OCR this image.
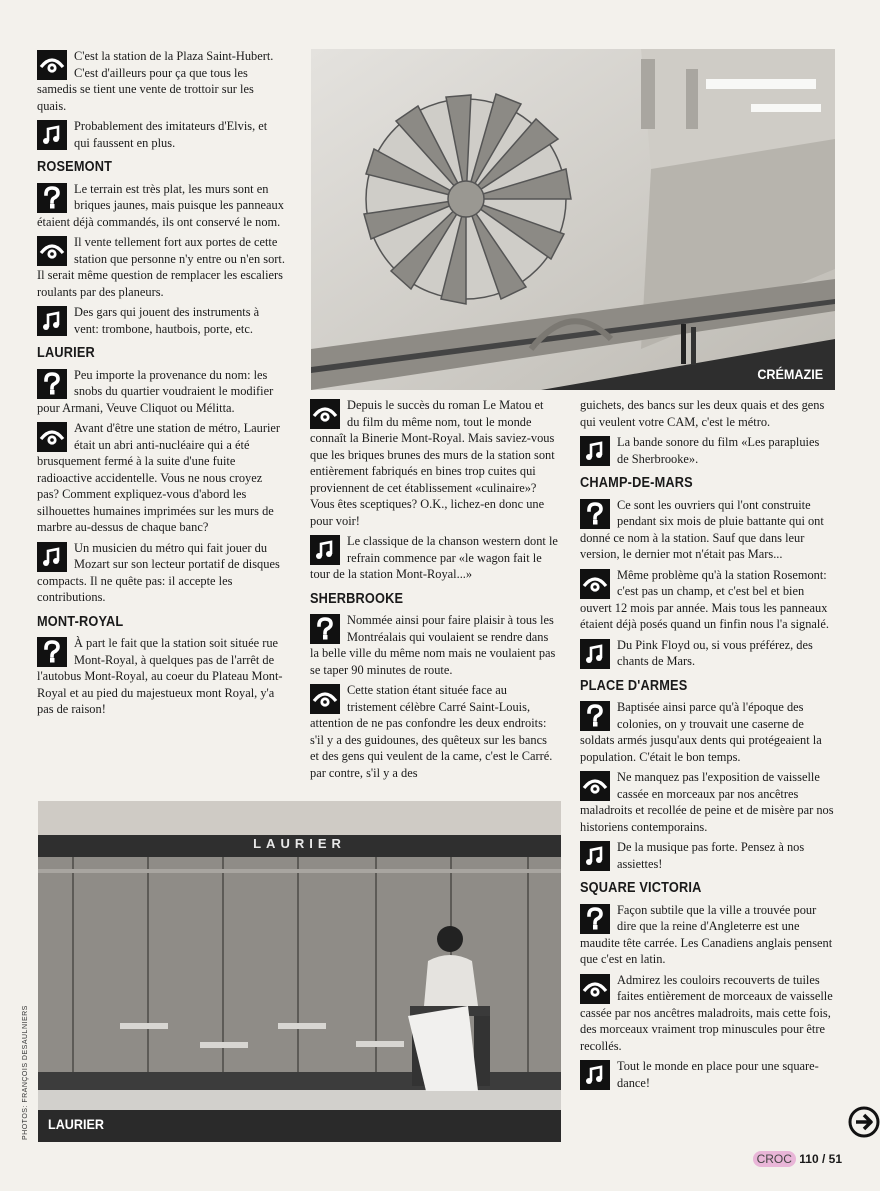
C'est la station de la Plaza Saint-Hubert. C'est d'ailleurs pour ça que tous les samedis se tient une vente de trottoir sur les quais.

Probablement des imitateurs d'Elvis, et qui faussent en plus.

ROSEMONT

Le terrain est très plat, les murs sont en briques jaunes, mais puisque les panneaux étaient déjà commandés, ils ont conservé le nom.

Il vente tellement fort aux portes de cette station que personne n'y entre ou n'en sort. Il serait même question de remplacer les escaliers roulants par des planeurs.

Des gars qui jouent des instruments à vent: trombone, hautbois, porte, etc.

LAURIER

Peu importe la provenance du nom: les snobs du quartier voudraient le modifier pour Armani, Veuve Cliquot ou Mélitta.

Avant d'être une station de métro, Laurier était un abri anti-nucléaire qui a été brusquement fermé à la suite d'une fuite radioactive accidentelle. Vous ne nous croyez pas? Comment expliquez-vous d'abord les silhouettes humaines imprimées sur les murs de marbre au-dessus de chaque banc?

Un musicien du métro qui fait jouer du Mozart sur son lecteur portatif de disques compacts. Il ne quête pas: il accepte les contributions.

MONT-ROYAL

À part le fait que la station soit située rue Mont-Royal, à quelques pas de l'arrêt de l'autobus Mont-Royal, au coeur du Plateau Mont-Royal et au pied du majestueux mont Royal, y'a pas de raison!

Depuis le succès du roman Le Matou et du film du même nom, tout le monde connaît la Binerie Mont-Royal. Mais saviez-vous que les briques brunes des murs de la station sont entièrement fabriqués en bines trop cuites qui proviennent de cet établissement «culinaire»? Vous êtes sceptiques? O.K., lichez-en donc une pour voir!

Le classique de la chanson western dont le refrain commence par «le wagon fait le tour de la station Mont-Royal...»

SHERBROOKE

Nommée ainsi pour faire plaisir à tous les Montréalais qui voulaient se rendre dans la belle ville du même nom mais ne voulaient pas se taper 90 minutes de route.

Cette station étant située face au tristement célèbre Carré Saint-Louis, attention de ne pas confondre les deux endroits: s'il y a des guidounes, des quêteux sur les bancs et des gens qui veulent de la came, c'est le Carré. par contre, s'il y a des

guichets, des bancs sur les deux quais et des gens qui veulent votre CAM, c'est le métro.

La bande sonore du film «Les parapluies de Sherbrooke».

CHAMP-DE-MARS

Ce sont les ouvriers qui l'ont construite pendant six mois de pluie battante qui ont donné ce nom à la station. Sauf que dans leur version, le dernier mot n'était pas Mars...

Même problème qu'à la station Rosemont: c'est pas un champ, et c'est bel et bien ouvert 12 mois par année. Mais tous les panneaux étaient déjà posés quand un finfin nous l'a signalé.

Du Pink Floyd ou, si vous préférez, des chants de Mars.

PLACE D'ARMES

Baptisée ainsi parce qu'à l'époque des colonies, on y trouvait une caserne de soldats armés jusqu'aux dents qui protégeaient la population. C'était le bon temps.

Ne manquez pas l'exposition de vaisselle cassée en morceaux par nos ancêtres maladroits et recollée de peine et de misère par nos historiens contemporains.

De la musique pas forte. Pensez à nos assiettes!

SQUARE VICTORIA

Façon subtile que la ville a trouvée pour dire que la reine d'Angleterre est une maudite tête carrée. Les Canadiens anglais pensent que c'est en latin.

Admirez les couloirs recouverts de tuiles faites entièrement de morceaux de vaisselle cassée par nos ancêtres maladroits, mais cette fois, des morceaux vraiment trop minuscules pour être recollés.

Tout le monde en place pour une square-dance!

CRÉMAZIE
LAURIER
LAURIER
PHOTOS: FRANÇOIS DESAULNIERS
CROC 110 / 51
